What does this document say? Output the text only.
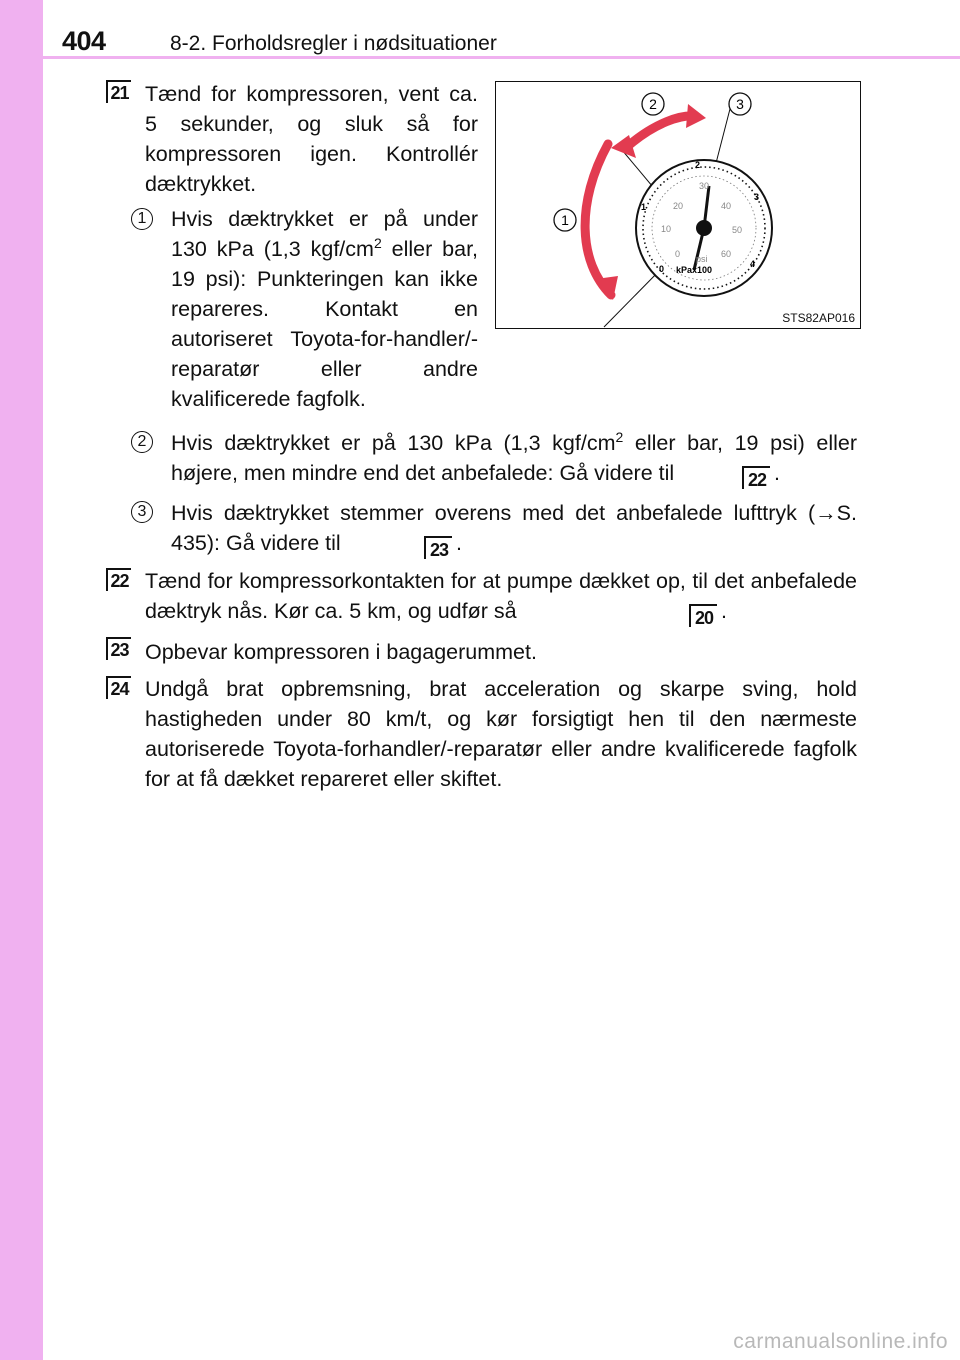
404	8-2. Forholdsregler i nødsituationer
21 Tænd for kompressoren, vent ca. 5 sekunder, og sluk så for kompressoren igen. Kontrollér dæktrykket.
1	Hvis dæktrykket er på under 130 kPa (1,3 kgf/$cm^2$ eller bar, 19 psi): Punkteringen kan ikke repareres. Kontakt en autoriseret Toyota-for-handler/-reparatør eller andre kvalificerede fagfolk.
0
1
2
3
4
0
10
20
30
40
50
60
psi
kPax100
1
2	3
STS82AP016
2	Hvis dæktrykket er på 130 kPa (1,3 kgf/$cm^2$ eller bar, 19 psi) eller højere, men mindre end det anbefalede: Gå videre til	22 .
3	Hvis dæktrykket stemmer overens med det anbefalede lufttryk (→S. 435): Gå videre til	23 .
22 Tænd for kompressorkontakten for at pumpe dækket op, til det anbefalede dæktryk nås. Kør ca. 5 km, og udfør så	20 .
23 Opbevar kompressoren i bagagerummet.
24 Undgå brat opbremsning, brat acceleration og skarpe sving, hold hastigheden under 80 km/t, og kør forsigtigt hen til den nærmeste autoriserede Toyota-forhandler/-reparatør eller andre kvalificerede fagfolk for at få dækket repareret eller skiftet.
carmanualsonline.info
